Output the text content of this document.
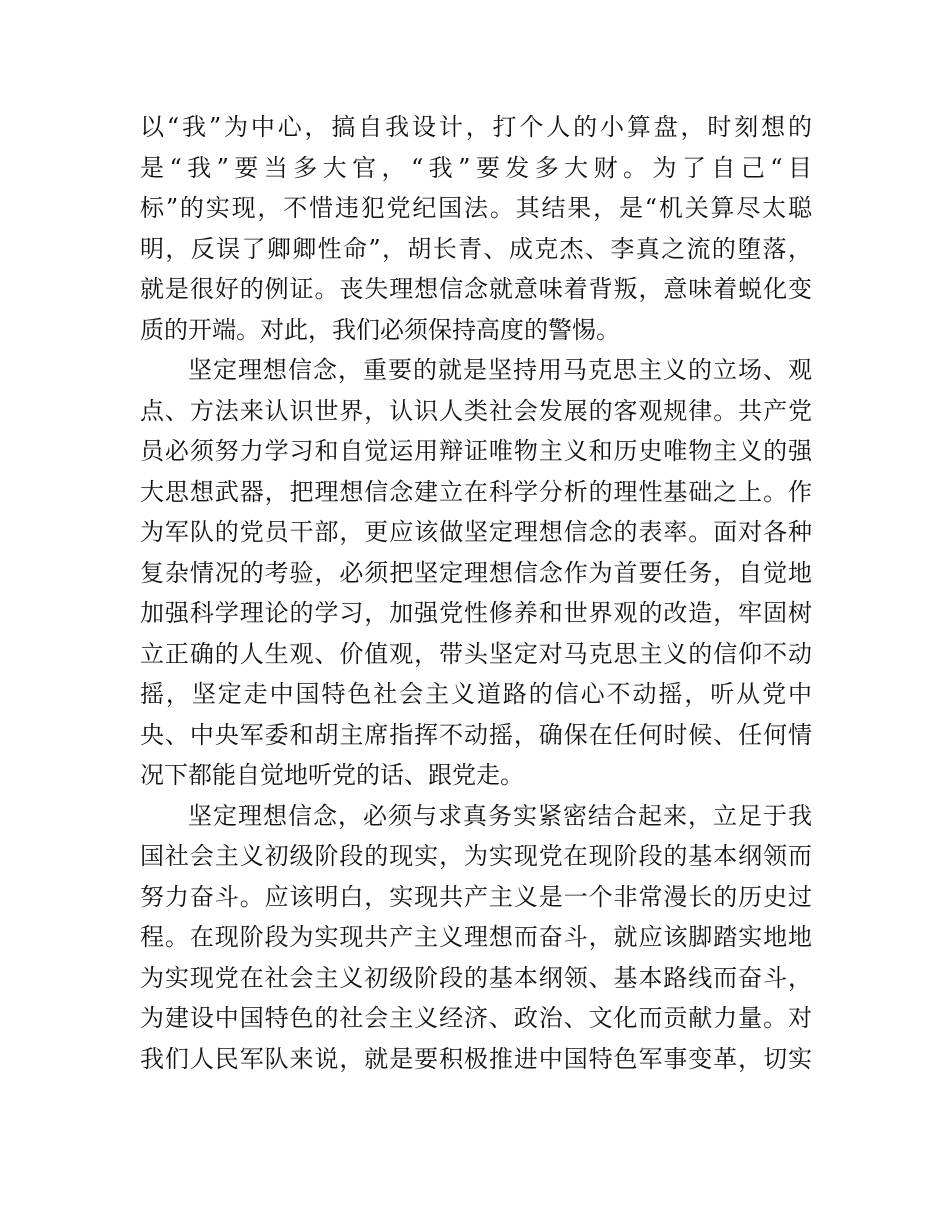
以“我”为中心，搞自我设计，打个人的小算盘，时刻想的
是“我”要当多大官，“我”要发多大财。为了自己“目
标”的实现，不惜违犯党纪国法。其结果，是“机关算尽太聪
明，反误了卿卿性命”，胡长青、成克杰、李真之流的堕落，
就是很好的例证。丧失理想信念就意味着背叛，意味着蜕化变
质的开端。对此，我们必须保持高度的警惕。
坚定理想信念，重要的就是坚持用马克思主义的立场、观
点、方法来认识世界，认识人类社会发展的客观规律。共产党
员必须努力学习和自觉运用辩证唯物主义和历史唯物主义的强
大思想武器，把理想信念建立在科学分析的理性基础之上。作
为军队的党员干部，更应该做坚定理想信念的表率。面对各种
复杂情况的考验，必须把坚定理想信念作为首要任务，自觉地
加强科学理论的学习，加强党性修养和世界观的改造，牢固树
立正确的人生观、价值观，带头坚定对马克思主义的信仰不动
摇，坚定走中国特色社会主义道路的信心不动摇，听从党中
央、中央军委和胡主席指挥不动摇，确保在任何时候、任何情
况下都能自觉地听党的话、跟党走。
坚定理想信念，必须与求真务实紧密结合起来，立足于我
国社会主义初级阶段的现实，为实现党在现阶段的基本纲领而
努力奋斗。应该明白，实现共产主义是一个非常漫长的历史过
程。在现阶段为实现共产主义理想而奋斗，就应该脚踏实地地
为实现党在社会主义初级阶段的基本纲领、基本路线而奋斗，
为建设中国特色的社会主义经济、政治、文化而贡献力量。对
我们人民军队来说，就是要积极推进中国特色军事变革，切实
